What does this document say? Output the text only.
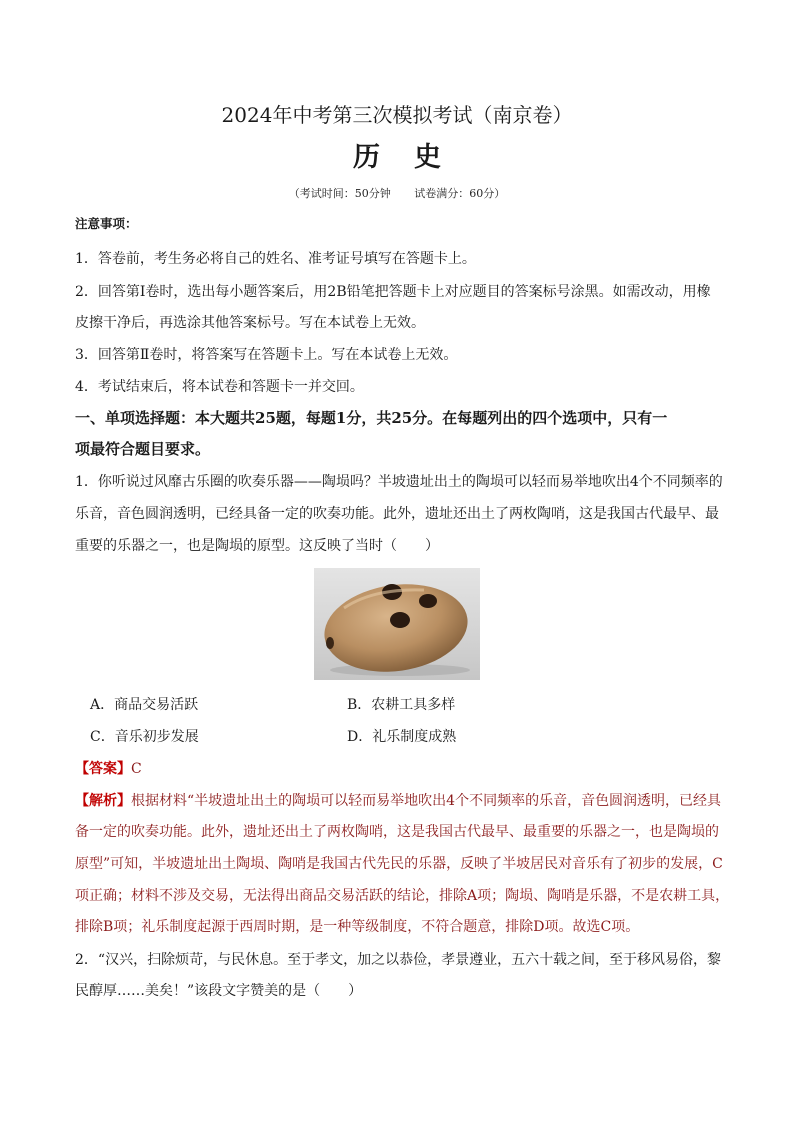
2024年中考第三次模拟考试（南京卷）
历史
（考试时间：50分钟 试卷满分：60分）
注意事项：
1．答卷前，考生务必将自己的姓名、准考证号填写在答题卡上。
2．回答第Ⅰ卷时，选出每小题答案后，用2B铅笔把答题卡上对应题目的答案标号涂黑。如需改动，用橡
皮擦干净后，再选涂其他答案标号。写在本试卷上无效。
3．回答第Ⅱ卷时，将答案写在答题卡上。写在本试卷上无效。
4．考试结束后，将本试卷和答题卡一并交回。
一、单项选择题：本大题共25题，每题1分，共25分。在每题列出的四个选项中，只有一
项最符合题目要求。
1．你听说过风靡古乐圈的吹奏乐器——陶埙吗？半坡遗址出土的陶埙可以轻而易举地吹出4个不同频率的
乐音，音色圆润透明，已经具备一定的吹奏功能。此外，遗址还出土了两枚陶哨，这是我国古代最早、最
重要的乐器之一，也是陶埙的原型。这反映了当时（　　）
A．商品交易活跃	B．农耕工具多样
C．音乐初步发展	D．礼乐制度成熟
【答案】C
【解析】根据材料“半坡遗址出土的陶埙可以轻而易举地吹出4个不同频率的乐音，音色圆润透明，已经具
备一定的吹奏功能。此外，遗址还出土了两枚陶哨，这是我国古代最早、最重要的乐器之一，也是陶埙的
原型”可知，半坡遗址出土陶埙、陶哨是我国古代先民的乐器，反映了半坡居民对音乐有了初步的发展，C
项正确；材料不涉及交易，无法得出商品交易活跃的结论，排除A项；陶埙、陶哨是乐器，不是农耕工具，
排除B项；礼乐制度起源于西周时期，是一种等级制度，不符合题意，排除D项。故选C项。
2．“汉兴，扫除烦苛，与民休息。至于孝文，加之以恭俭，孝景遵业，五六十载之间，至于移风易俗，黎
民醇厚……美矣！”该段文字赞美的是（　　）
